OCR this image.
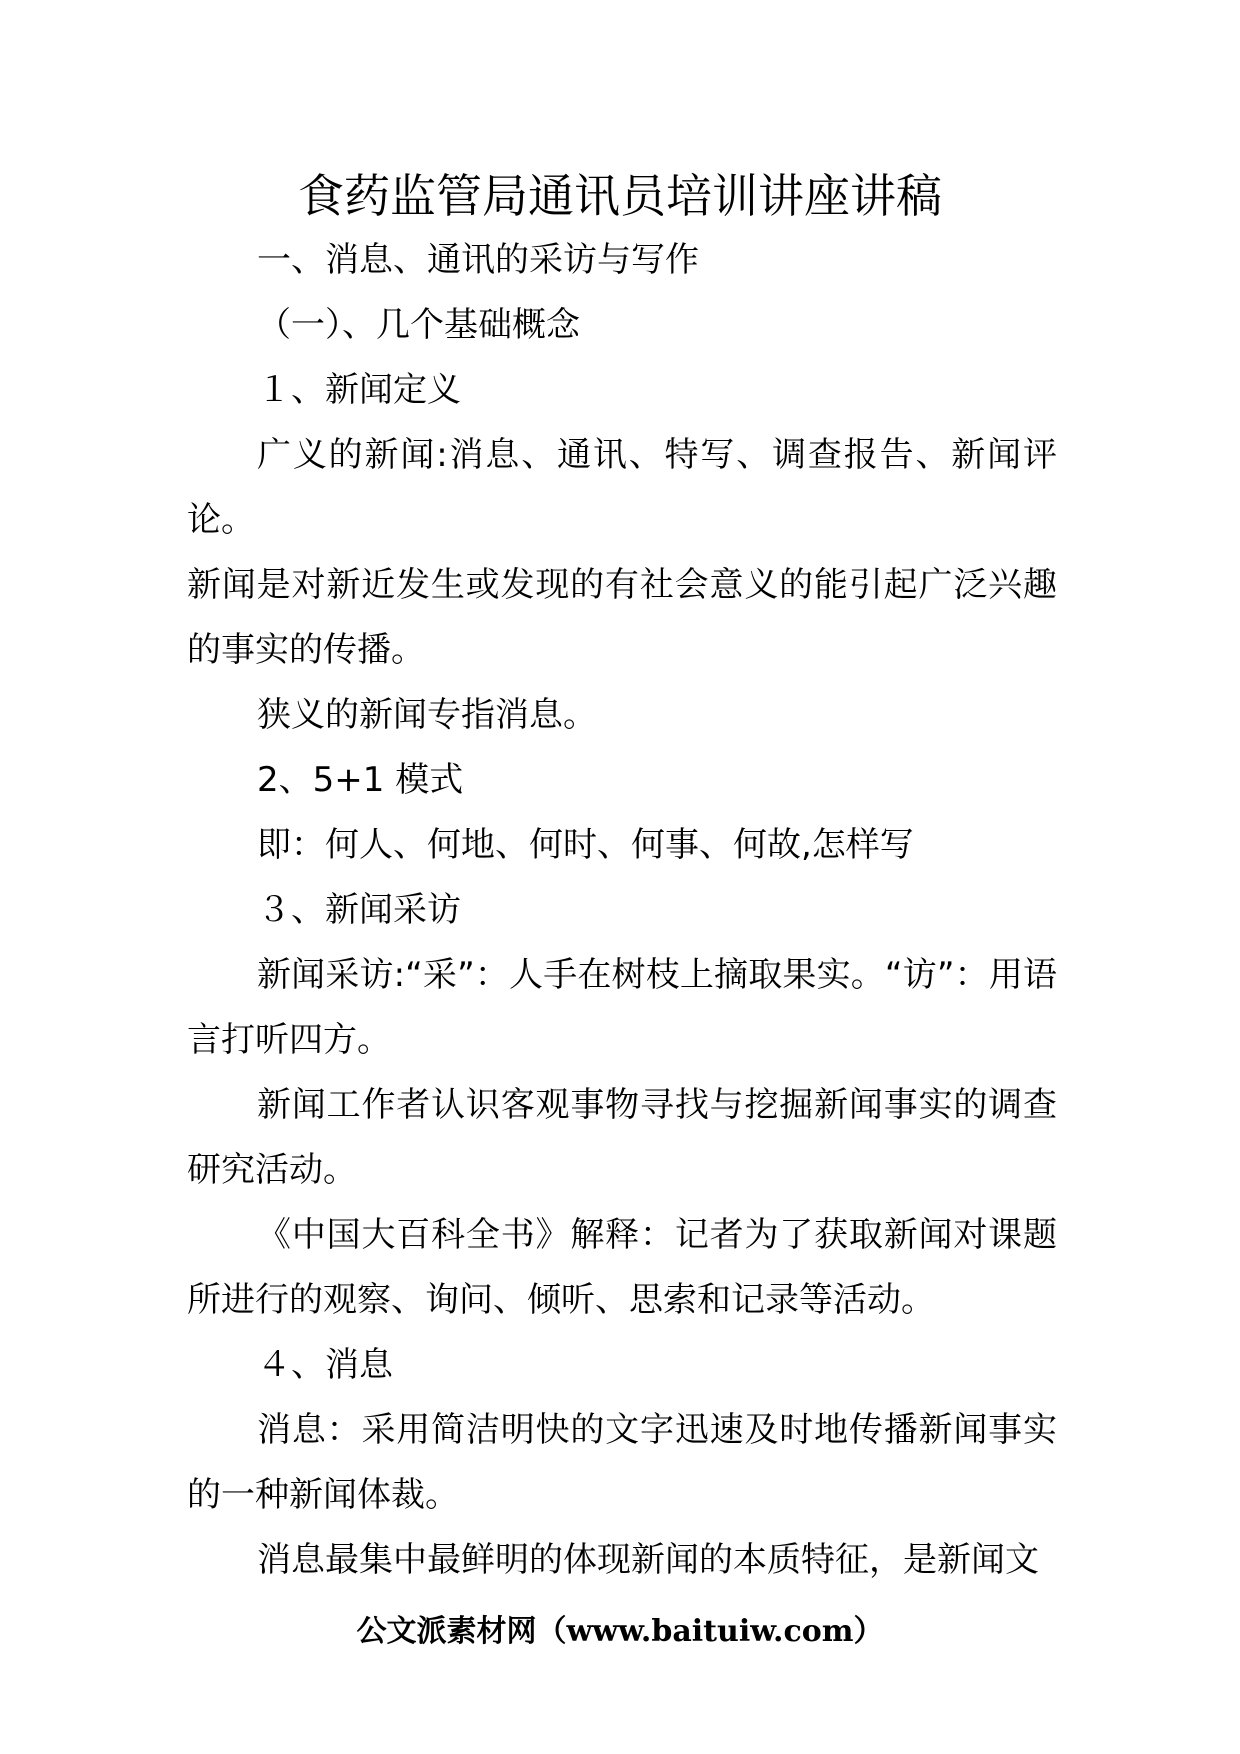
食药监管局通讯员培训讲座讲稿

一、消息、通讯的采访与写作

（一）、几个基础概念

１、新闻定义

广义的新闻:消息、通讯、特写、调查报告、新闻评论。

新闻是对新近发生或发现的有社会意义的能引起广泛兴趣的事实的传播。

狭义的新闻专指消息。

2、5+1 模式

即：何人、何地、何时、何事、何故,怎样写

３、新闻采访

新闻采访:“采”：人手在树枝上摘取果实。“访”：用语言打听四方。

新闻工作者认识客观事物寻找与挖掘新闻事实的调查研究活动。

《中国大百科全书》解释：记者为了获取新闻对课题所进行的观察、询问、倾听、思索和记录等活动。

４、消息

消息：采用简洁明快的文字迅速及时地传播新闻事实的一种新闻体裁。

消息最集中最鲜明的体现新闻的本质特征，是新闻文

公文派素材网（www.baituiw.com）
